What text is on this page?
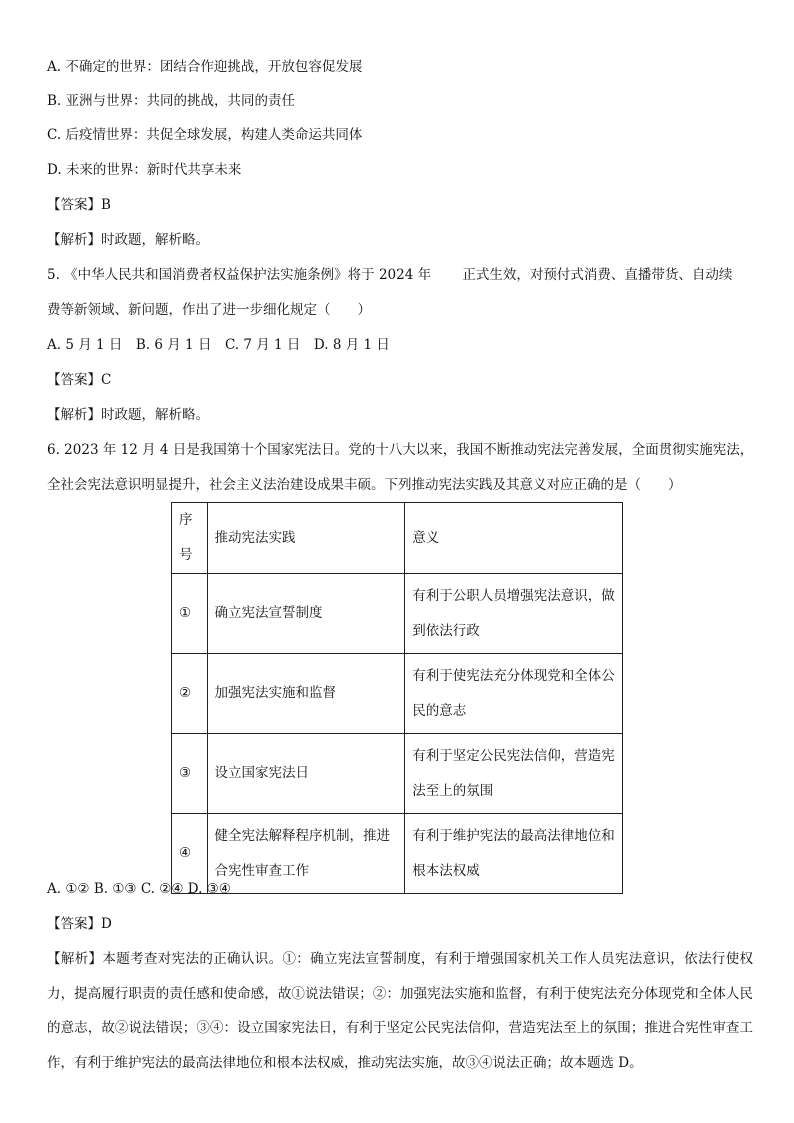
A. 不确定的世界：团结合作迎挑战，开放包容促发展
B. 亚洲与世界：共同的挑战，共同的责任
C. 后疫情世界：共促全球发展，构建人类命运共同体
D. 未来的世界：新时代共享未来
【答案】B
【解析】时政题，解析略。
5. 《中华人民共和国消费者权益保护法实施条例》将于 2024 年 　　正式生效，对预付式消费、直播带货、自动续
费等新领域、新问题，作出了进一步细化规定（　　）
A. 5 月 1 日　B. 6 月 1 日　C. 7 月 1 日　D. 8 月 1 日
【答案】C
【解析】时政题，解析略。
6. 2023 年 12 月 4 日是我国第十个国家宪法日。党的十八大以来，我国不断推动宪法完善发展，全面贯彻实施宪法，
全社会宪法意识明显提升，社会主义法治建设成果丰硕。下列推动宪法实践及其意义对应正确的是（　　）
序号	推动宪法实践	意义
①	确立宪法宣誓制度	有利于公职人员增强宪法意识，做到依法行政
②	加强宪法实施和监督	有利于使宪法充分体现党和全体公民的意志
③	设立国家宪法日	有利于坚定公民宪法信仰，营造宪法至上的氛围
④	健全宪法解释程序机制，推进合宪性审查工作	有利于维护宪法的最高法律地位和根本法权威
A. ①② B. ①③ C. ②④ D. ③④
【答案】D
【解析】本题考查对宪法的正确认识。①：确立宪法宣誓制度，有利于增强国家机关工作人员宪法意识，依法行使权力，提高履行职责的责任感和使命感，故①说法错误；②：加强宪法实施和监督，有利于使宪法充分体现党和全体人民的意志，故②说法错误；③④：设立国家宪法日，有利于坚定公民宪法信仰，营造宪法至上的氛围；推进合宪性审查工作，有利于维护宪法的最高法律地位和根本法权威，推动宪法实施，故③④说法正确；故本题选 D。
